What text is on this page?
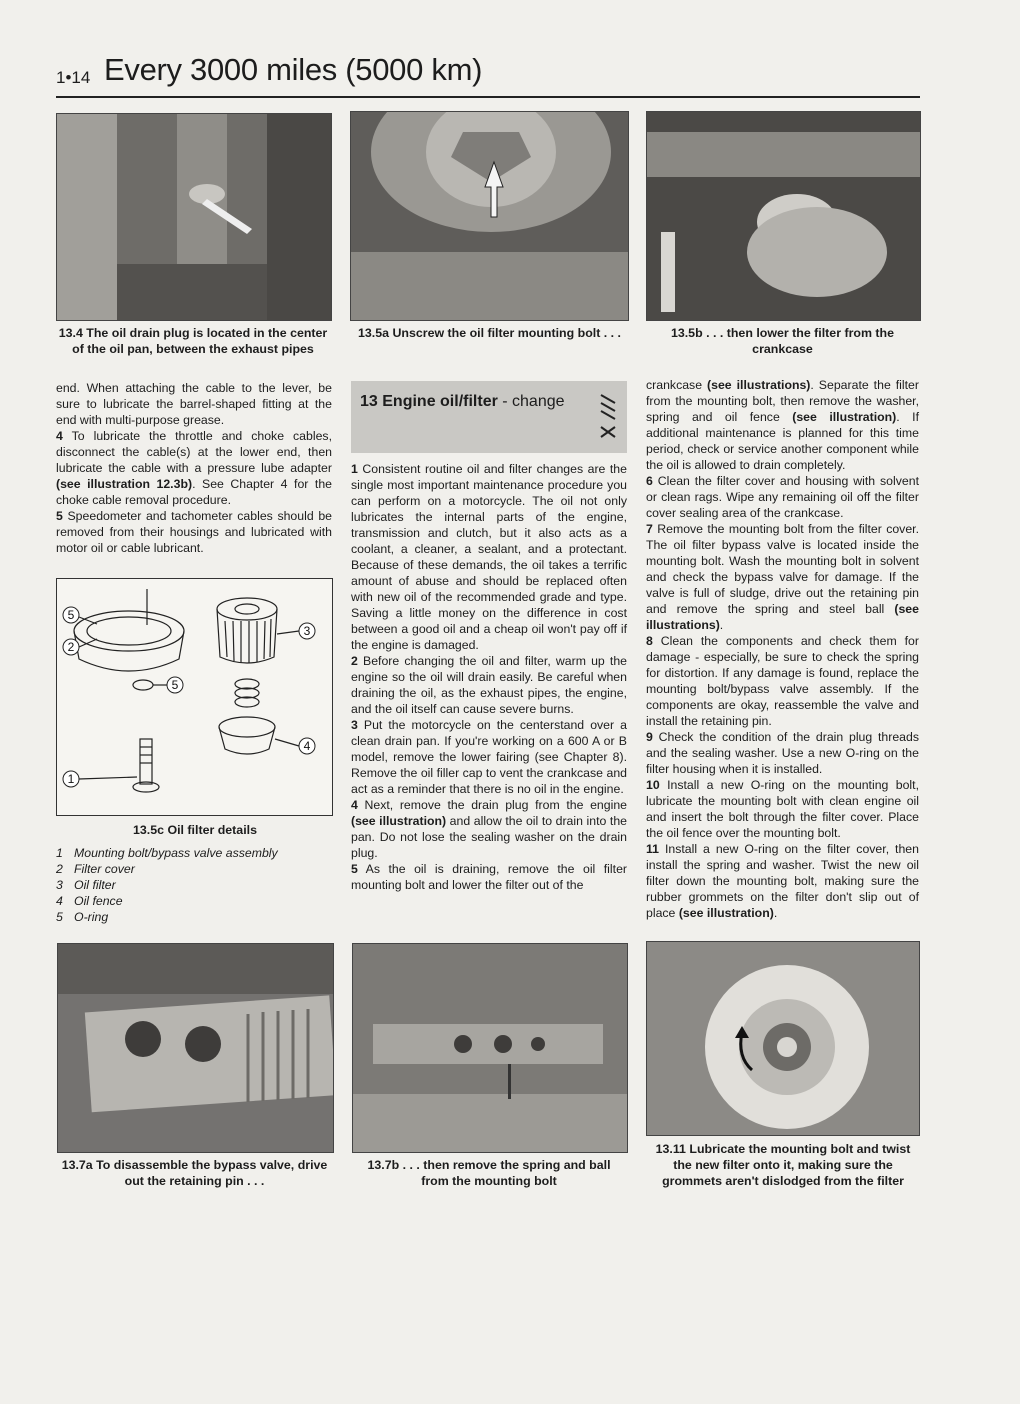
1•14 Every 3000 miles (5000 km)
13.4 The oil drain plug is located in the center of the oil pan, between the exhaust pipes
13.5a Unscrew the oil filter mounting bolt . . .	13.5b . . . then lower the filter from the crankcase

end. When attaching the cable to the lever, be sure to lubricate the barrel-shaped fitting at the end with multi-purpose grease.

4 To lubricate the throttle and choke cables, disconnect the cable(s) at the lower end, then lubricate the cable with a pressure lube adapter (see illustration 12.3b). See Chapter 4 for the choke cable removal procedure.

5 Speedometer and tachometer cables should be removed from their housings and lubricated with motor oil or cable lubricant.

5
2
5
3
4
1
13.5c Oil filter details
1 Mounting bolt/bypass valve assembly
2 Filter cover
3 Oil filter
4 Oil fence
5 O-ring
13 Engine oil/filter - change

1 Consistent routine oil and filter changes are the single most important maintenance procedure you can perform on a motorcycle. The oil not only lubricates the internal parts of the engine, transmission and clutch, but it also acts as a coolant, a cleaner, a sealant, and a protectant. Because of these demands, the oil takes a terrific amount of abuse and should be replaced often with new oil of the recommended grade and type. Saving a little money on the difference in cost between a good oil and a cheap oil won't pay off if the engine is damaged.

2 Before changing the oil and filter, warm up the engine so the oil will drain easily. Be careful when draining the oil, as the exhaust pipes, the engine, and the oil itself can cause severe burns.

3 Put the motorcycle on the centerstand over a clean drain pan. If you're working on a 600 A or B model, remove the lower fairing (see Chapter 8). Remove the oil filler cap to vent the crankcase and act as a reminder that there is no oil in the engine.

4 Next, remove the drain plug from the engine (see illustration) and allow the oil to drain into the pan. Do not lose the sealing washer on the drain plug.

5 As the oil is draining, remove the oil filter mounting bolt and lower the filter out of the

crankcase (see illustrations). Separate the filter from the mounting bolt, then remove the washer, spring and oil fence (see illustration). If additional maintenance is planned for this time period, check or service another component while the oil is allowed to drain completely.

6 Clean the filter cover and housing with solvent or clean rags. Wipe any remaining oil off the filter cover sealing area of the crankcase.

7 Remove the mounting bolt from the filter cover. The oil filter bypass valve is located inside the mounting bolt. Wash the mounting bolt in solvent and check the bypass valve for damage. If the valve is full of sludge, drive out the retaining pin and remove the spring and steel ball (see illustrations).

8 Clean the components and check them for damage - especially, be sure to check the spring for distortion. If any damage is found, replace the mounting bolt/bypass valve assembly. If the components are okay, reassemble the valve and install the retaining pin.

9 Check the condition of the drain plug threads and the sealing washer. Use a new O-ring on the filter housing when it is installed.

10 Install a new O-ring on the mounting bolt, lubricate the mounting bolt with clean engine oil and insert the bolt through the filter cover. Place the oil fence over the mounting bolt.

11 Install a new O-ring on the filter cover, then install the spring and washer. Twist the new oil filter down the mounting bolt, making sure the rubber grommets on the filter don't slip out of place (see illustration).

13.7a To disassemble the bypass valve, drive out the retaining pin . . .
13.7b . . . then remove the spring and ball from the mounting bolt
13.11 Lubricate the mounting bolt and twist the new filter onto it, making sure the grommets aren't dislodged from the filter
